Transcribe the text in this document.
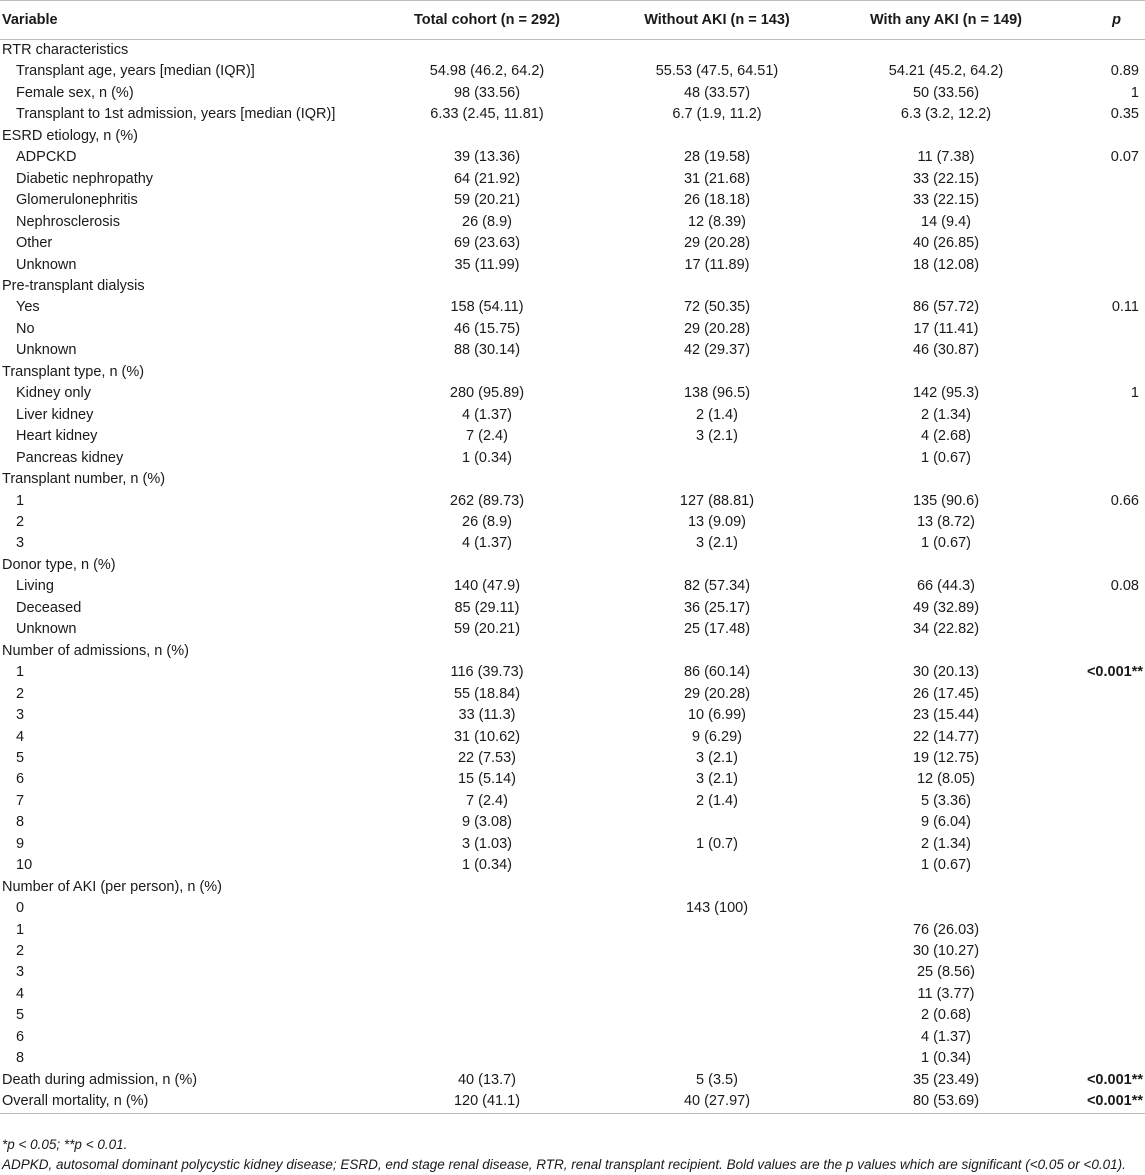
Variable	Total cohort (n = 292)	Without AKI (n = 143)	With any AKI (n = 149)	p
RTR characteristics				
Transplant age, years [median (IQR)]	54.98 (46.2, 64.2)	55.53 (47.5, 64.51)	54.21 (45.2, 64.2)	0.89
Female sex, n (%)	98 (33.56)	48 (33.57)	50 (33.56)	1
Transplant to 1st admission, years [median (IQR)]	6.33 (2.45, 11.81)	6.7 (1.9, 11.2)	6.3 (3.2, 12.2)	0.35
ESRD etiology, n (%)				
ADPCKD	39 (13.36)	28 (19.58)	11 (7.38)	0.07
Diabetic nephropathy	64 (21.92)	31 (21.68)	33 (22.15)	
Glomerulonephritis	59 (20.21)	26 (18.18)	33 (22.15)	
Nephrosclerosis	26 (8.9)	12 (8.39)	14 (9.4)	
Other	69 (23.63)	29 (20.28)	40 (26.85)	
Unknown	35 (11.99)	17 (11.89)	18 (12.08)	
Pre-transplant dialysis				
Yes	158 (54.11)	72 (50.35)	86 (57.72)	0.11
No	46 (15.75)	29 (20.28)	17 (11.41)	
Unknown	88 (30.14)	42 (29.37)	46 (30.87)	
Transplant type, n (%)				
Kidney only	280 (95.89)	138 (96.5)	142 (95.3)	1
Liver kidney	4 (1.37)	2 (1.4)	2 (1.34)	
Heart kidney	7 (2.4)	3 (2.1)	4 (2.68)	
Pancreas kidney	1 (0.34)		1 (0.67)	
Transplant number, n (%)				
1	262 (89.73)	127 (88.81)	135 (90.6)	0.66
2	26 (8.9)	13 (9.09)	13 (8.72)	
3	4 (1.37)	3 (2.1)	1 (0.67)	
Donor type, n (%)				
Living	140 (47.9)	82 (57.34)	66 (44.3)	0.08
Deceased	85 (29.11)	36 (25.17)	49 (32.89)	
Unknown	59 (20.21)	25 (17.48)	34 (22.82)	
Number of admissions, n (%)				
1	116 (39.73)	86 (60.14)	30 (20.13)	<0.001**
2	55 (18.84)	29 (20.28)	26 (17.45)	
3	33 (11.3)	10 (6.99)	23 (15.44)	
4	31 (10.62)	9 (6.29)	22 (14.77)	
5	22 (7.53)	3 (2.1)	19 (12.75)	
6	15 (5.14)	3 (2.1)	12 (8.05)	
7	7 (2.4)	2 (1.4)	5 (3.36)	
8	9 (3.08)		9 (6.04)	
9	3 (1.03)	1 (0.7)	2 (1.34)	
10	1 (0.34)		1 (0.67)	
Number of AKI (per person), n (%)				
0		143 (100)		
1			76 (26.03)	
2			30 (10.27)	
3			25 (8.56)	
4			11 (3.77)	
5			2 (0.68)	
6			4 (1.37)	
8			1 (0.34)	
Death during admission, n (%)	40 (13.7)	5 (3.5)	35 (23.49)	<0.001**
Overall mortality, n (%)	120 (41.1)	40 (27.97)	80 (53.69)	<0.001**
*p < 0.05; **p < 0.01.
ADPKD, autosomal dominant polycystic kidney disease; ESRD, end stage renal disease, RTR, renal transplant recipient. Bold values are the p values which are significant (<0.05 or <0.01).
